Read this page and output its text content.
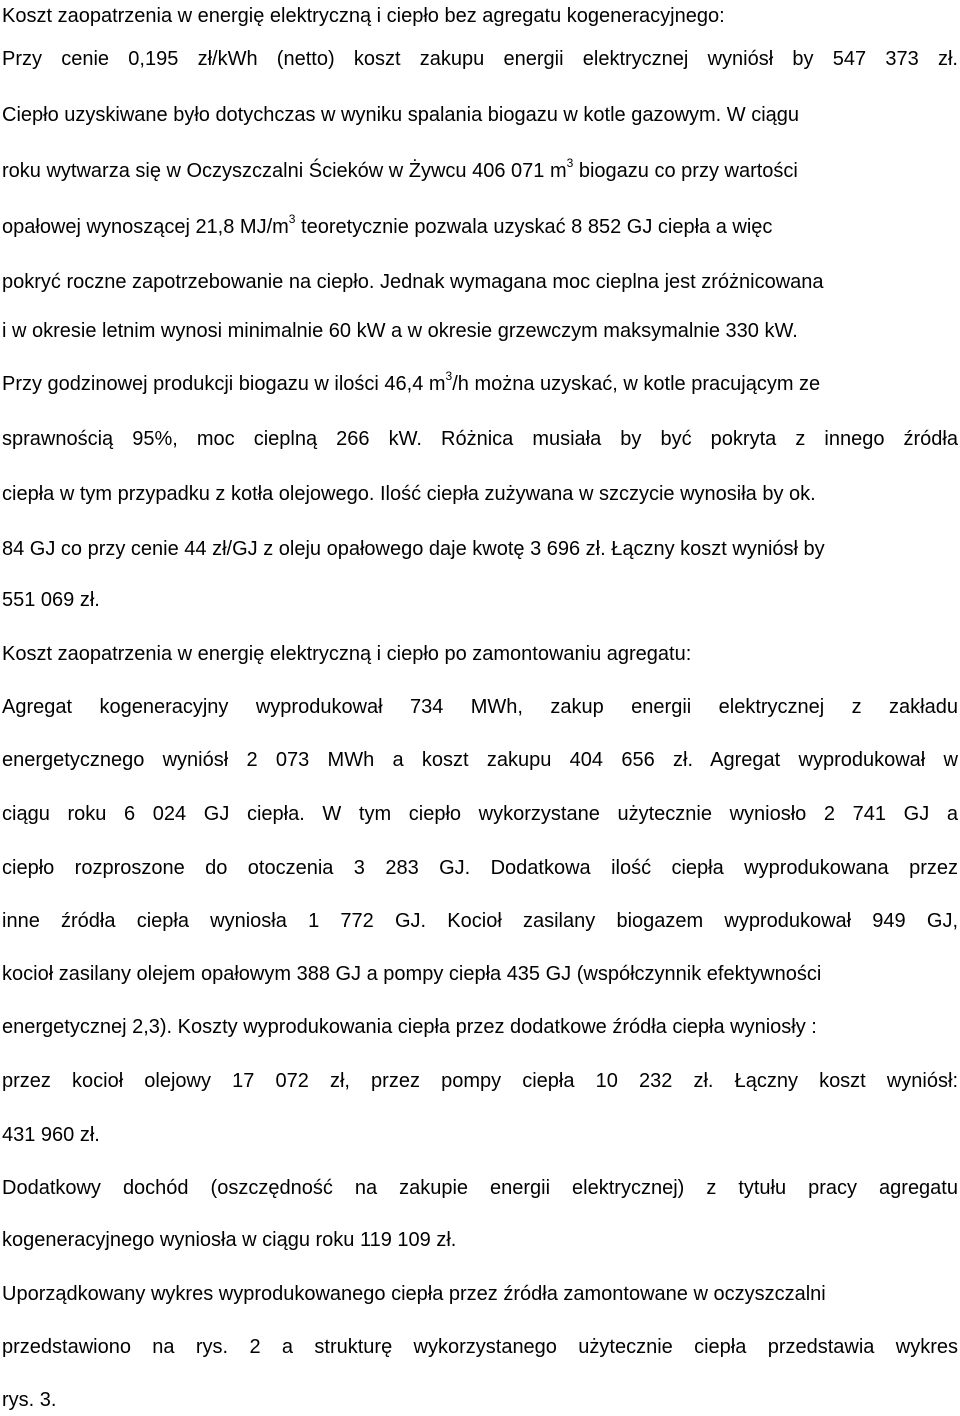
Koszt zaopatrzenia w energię elektryczną i ciepło bez agregatu kogeneracyjnego:
Przy cenie 0,195 zł/kWh (netto) koszt zakupu energii elektrycznej wyniósł by 547 373 zł.
Ciepło uzyskiwane było dotychczas w wyniku spalania biogazu w kotle gazowym. W ciągu
roku wytwarza się w Oczyszczalni Ścieków w Żywcu 406 071 $m^3$ biogazu co przy wartości
opałowej wynoszącej 21,8 $MJ/m^3$ teoretycznie pozwala uzyskać 8 852 GJ ciepła a więc
pokryć roczne zapotrzebowanie na ciepło. Jednak wymagana moc cieplna jest zróżnicowana
i w okresie letnim wynosi minimalnie 60 kW a w okresie grzewczym maksymalnie 330 kW.
Przy godzinowej produkcji biogazu w ilości 46,4 $m^3/h$ można uzyskać, w kotle pracującym ze
sprawnością 95%, moc cieplną 266 kW. Różnica musiała by być pokryta z innego źródła
ciepła w tym przypadku z kotła olejowego. Ilość ciepła zużywana w szczycie wynosiła by ok.
84 GJ co przy cenie 44 zł/GJ z oleju opałowego daje kwotę 3 696 zł. Łączny koszt wyniósł by
551 069 zł.
Koszt zaopatrzenia w energię elektryczną i ciepło po zamontowaniu agregatu:
Agregat kogeneracyjny wyprodukował 734 MWh, zakup energii elektrycznej z zakładu
energetycznego wyniósł 2 073 MWh a koszt zakupu 404 656 zł. Agregat wyprodukował w
ciągu roku 6 024 GJ ciepła. W tym ciepło wykorzystane użytecznie wyniosło 2 741 GJ a
ciepło rozproszone do otoczenia 3 283 GJ. Dodatkowa ilość ciepła wyprodukowana przez
inne źródła ciepła wyniosła 1 772 GJ. Kocioł zasilany biogazem wyprodukował 949 GJ,
kocioł zasilany olejem opałowym 388 GJ a pompy ciepła 435 GJ (współczynnik efektywności
energetycznej 2,3). Koszty wyprodukowania ciepła przez dodatkowe źródła ciepła wyniosły :
przez kocioł olejowy 17 072 zł, przez pompy ciepła 10 232 zł. Łączny koszt wyniósł:
431 960 zł.
Dodatkowy dochód (oszczędność na zakupie energii elektrycznej) z tytułu pracy agregatu
kogeneracyjnego wyniosła w ciągu roku 119 109 zł.
Uporządkowany wykres wyprodukowanego ciepła przez źródła zamontowane w oczyszczalni
przedstawiono na rys. 2 a strukturę wykorzystanego użytecznie ciepła przedstawia wykres
rys. 3.
